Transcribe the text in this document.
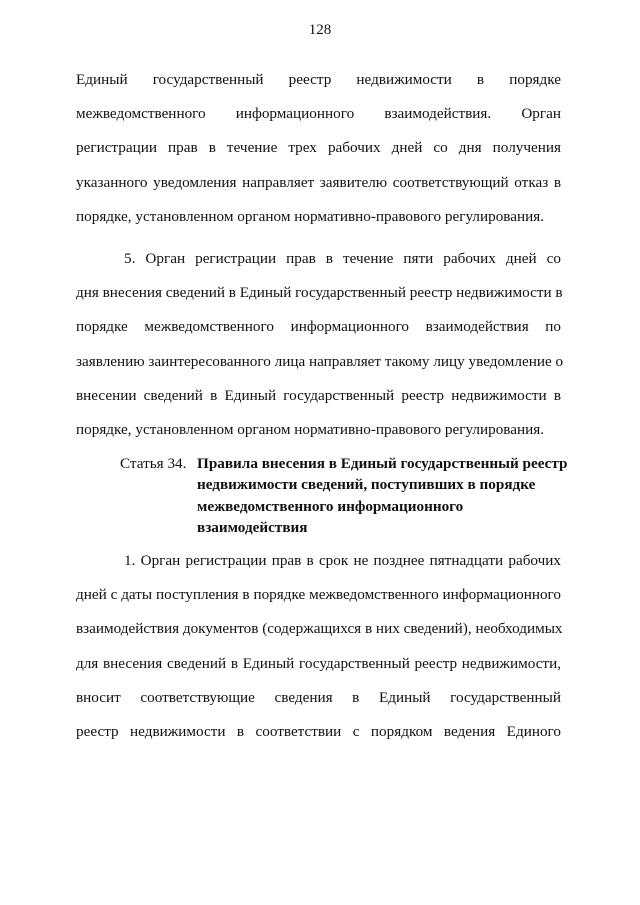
128
Единый государственный реестр недвижимости в порядке
межведомственного информационного взаимодействия. Орган
регистрации прав в течение трех рабочих дней со дня получения
указанного уведомления направляет заявителю соответствующий отказ в
порядке, установленном органом нормативно-правового регулирования.
5. Орган регистрации прав в течение пяти рабочих дней со
дня внесения сведений в Единый государственный реестр недвижимости в
порядке межведомственного информационного взаимодействия по
заявлению заинтересованного лица направляет такому лицу уведомление о
внесении сведений в Единый государственный реестр недвижимости в
порядке, установленном органом нормативно-правового регулирования.
Статья 34. Правила внесения в Единый государственный реестр
недвижимости сведений, поступивших в порядке
межведомственного информационного
взаимодействия
1. Орган регистрации прав в срок не позднее пятнадцати рабочих
дней с даты поступления в порядке межведомственного информационного
взаимодействия документов (содержащихся в них сведений), необходимых
для внесения сведений в Единый государственный реестр недвижимости,
вносит соответствующие сведения в Единый государственный
реестр недвижимости в соответствии с порядком ведения Единого
